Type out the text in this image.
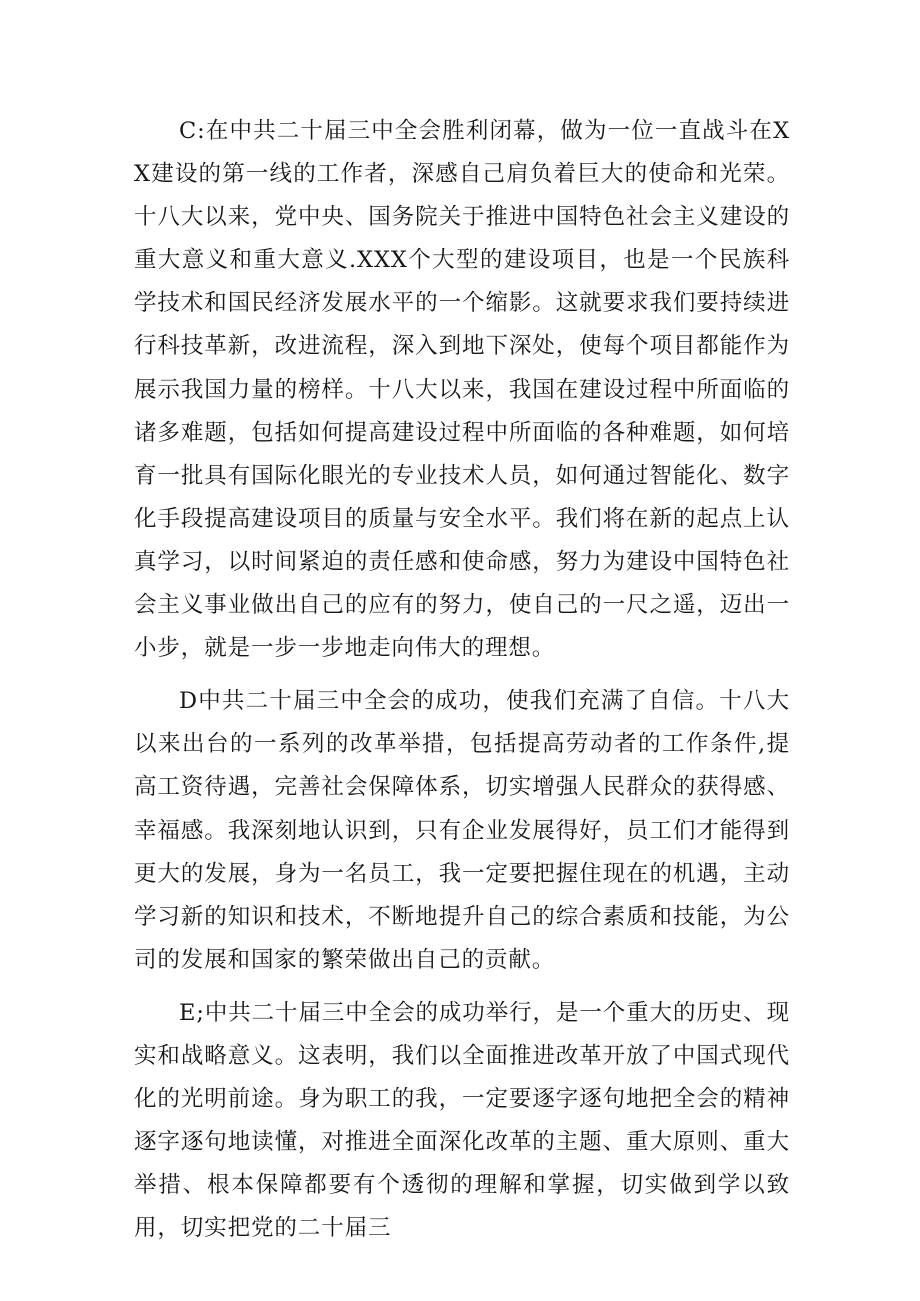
C:在中共二十届三中全会胜利闭幕，做为一位一直战斗在XX建设的第一线的工作者，深感自己肩负着巨大的使命和光荣。十八大以来，党中央、国务院关于推进中国特色社会主义建设的重大意义和重大意义.XXX个大型的建设项目，也是一个民族科学技术和国民经济发展水平的一个缩影。这就要求我们要持续进行科技革新，改进流程，深入到地下深处，使每个项目都能作为展示我国力量的榜样。十八大以来，我国在建设过程中所面临的诸多难题，包括如何提高建设过程中所面临的各种难题，如何培育一批具有国际化眼光的专业技术人员，如何通过智能化、数字化手段提高建设项目的质量与安全水平。我们将在新的起点上认真学习，以时间紧迫的责任感和使命感，努力为建设中国特色社会主义事业做出自己的应有的努力，使自己的一尺之遥，迈出一小步，就是一步一步地走向伟大的理想。

D中共二十届三中全会的成功，使我们充满了自信。十八大以来出台的一系列的改革举措，包括提高劳动者的工作条件,提高工资待遇，完善社会保障体系，切实增强人民群众的获得感、幸福感。我深刻地认识到，只有企业发展得好，员工们才能得到更大的发展，身为一名员工，我一定要把握住现在的机遇，主动学习新的知识和技术，不断地提升自己的综合素质和技能，为公司的发展和国家的繁荣做出自己的贡献。

E;中共二十届三中全会的成功举行，是一个重大的历史、现实和战略意义。这表明，我们以全面推进改革开放了中国式现代化的光明前途。身为职工的我，一定要逐字逐句地把全会的精神逐字逐句地读懂，对推进全面深化改革的主题、重大原则、重大举措、根本保障都要有个透彻的理解和掌握，切实做到学以致用，切实把党的二十届三
